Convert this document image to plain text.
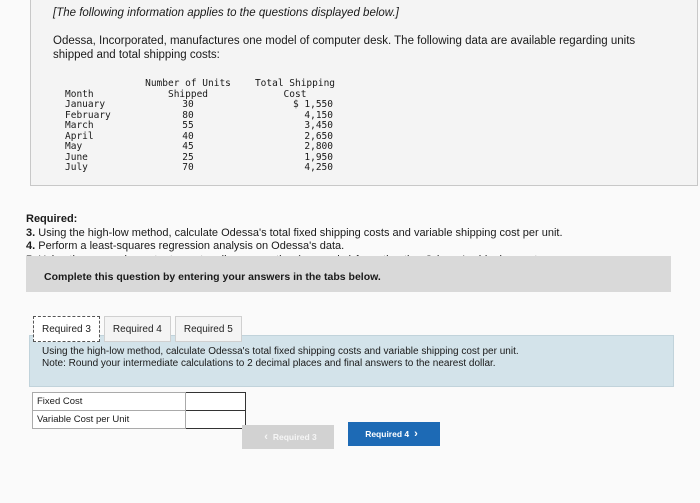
[The following information applies to the questions displayed below.]
Odessa, Incorporated, manufactures one model of computer desk. The following data are available regarding units shipped and total shipping costs:
	Number of Units	Total Shipping
Month	Shipped	Cost
January	30	$ 1,550
February	80	4,150
March	55	3,450
April	40	2,650
May	45	2,800
June	25	1,950
July	70	4,250
Required:
3. Using the high-low method, calculate Odessa's total fixed shipping costs and variable shipping cost per unit.
4. Perform a least-squares regression analysis on Odessa's data.
Complete this question by entering your answers in the tabs below.
Using the high-low method, calculate Odessa's total fixed shipping costs and variable shipping cost per unit.
Note: Round your intermediate calculations to 2 decimal places and final answers to the nearest dollar.
Required 3	Required 4	Required 5
Fixed Cost	
Variable Cost per Unit	
‹ Required 3	Required 4 ›
